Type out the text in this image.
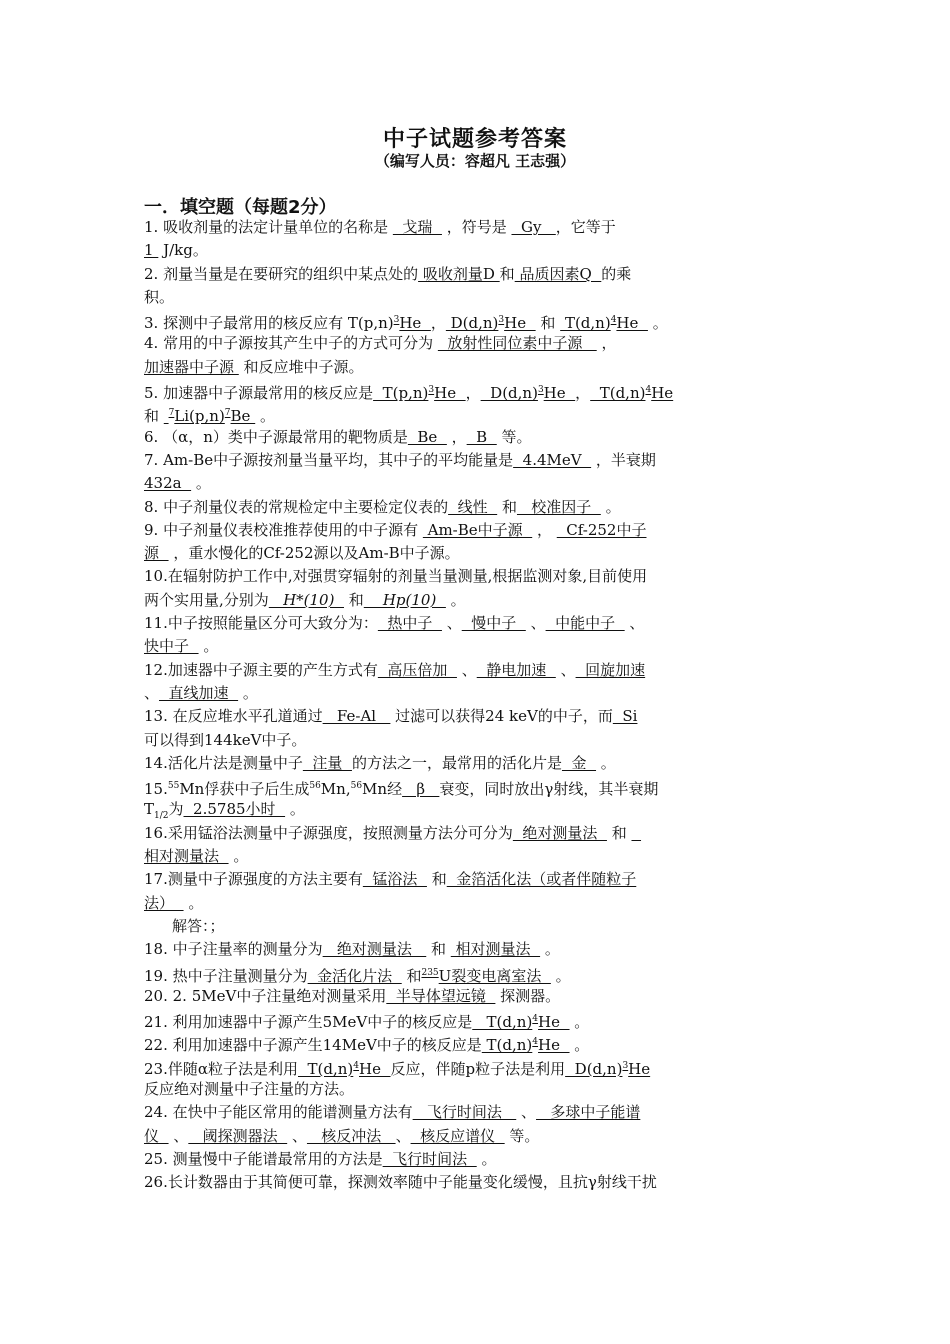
中子试题参考答案
（编写人员：容超凡 王志强）
一．填空题（每题2分）
1. 吸收剂量的法定计量单位的名称是   戈瑞   ，符号是   Gy   ，它等于
1  J/kg。
2. 剂量当量是在要研究的组织中某点处的 吸收剂量D 和 品质因素Q  的乘
积。
3. 探测中子最常用的核反应有 $T(p,n)^3He$  ， $D(d,n)^3He$   和  $T(d,n)^4He$   。
4. 常用的中子源按其产生中子的方式可分为   放射性同位素中子源    ，
加速器中子源  和反应堆中子源。
5. 加速器中子源最常用的核反应是  $T(p,n)^3He$  ，  $D(d,n)^3He$  ，  $T(d,n)^4He$
和  $^7Li(p,n)^7Be$  。
6. （α，n）类中子源最常用的靶物质是  Be   ，  B   等。
7. Am-Be中子源按剂量当量平均，其中子的平均能量是  4.4MeV   ，半衰期
432a   。
8. 中子剂量仪表的常规检定中主要检定仪表的  线性   和   校准因子   。
9. 中子剂量仪表校准推荐使用的中子源有  Am-Be中子源   ，   Cf-252中子
源   ，重水慢化的Cf-252源以及Am-B中子源。
10.在辐射防护工作中,对强贯穿辐射的剂量当量测量,根据监测对象,目前使用
两个实用量,分别为   H*(10)   和    Hp(10)   。
11.中子按照能量区分可大致分为：  热中子   、  慢中子   、  中能中子   、
快中子   。
12.加速器中子源主要的产生方式有  高压倍加   、  静电加速   、  回旋加速
、  直线加速   。
13. 在反应堆水平孔道通过   Fe-Al    过滤可以获得24 keV的中子，而  Si
可以得到144keV中子。
14.活化片法是测量中子  注量  的方法之一，最常用的活化片是  金   。
15.55Mn俘获中子后生成$^{56}$Mn,$^{56}$Mn经   β   衰变，同时放出γ射线，其半衰期
$T_{1/2}$为  2.5785小时   。
16.采用锰浴法测量中子源强度，按照测量方法分可分为  绝对测量法   和
相对测量法   。
17.测量中子源强度的方法主要有  锰浴法   和  金箔活化法（或者伴随粒子
法）   。
解答：；
18. 中子注量率的测量分为   绝对测量法    和  相对测量法   。
19. 热中子注量测量分为  金活化片法   和$^{235}$U裂变电离室法   。
20. 2. 5MeV中子注量绝对测量采用  半导体望远镜   探测器。
21. 利用加速器中子源产生5MeV中子的核反应是   $T(d,n)^4He$   。
22. 利用加速器中子源产生14MeV中子的核反应是 $T(d,n)^4He$   。
23.伴随α粒子法是利用  $T(d,n)^4He$  反应，伴随p粒子法是利用  $D(d,n)^3He$
反应绝对测量中子注量的方法。
24. 在快中子能区常用的能谱测量方法有   飞行时间法    、   多球中子能谱
仪   、   阈探测器法   、   核反冲法   、  核反应谱仪   等。
25. 测量慢中子能谱最常用的方法是  飞行时间法   。
26.长计数器由于其简便可靠，探测效率随中子能量变化缓慢，且抗γ射线干扰
